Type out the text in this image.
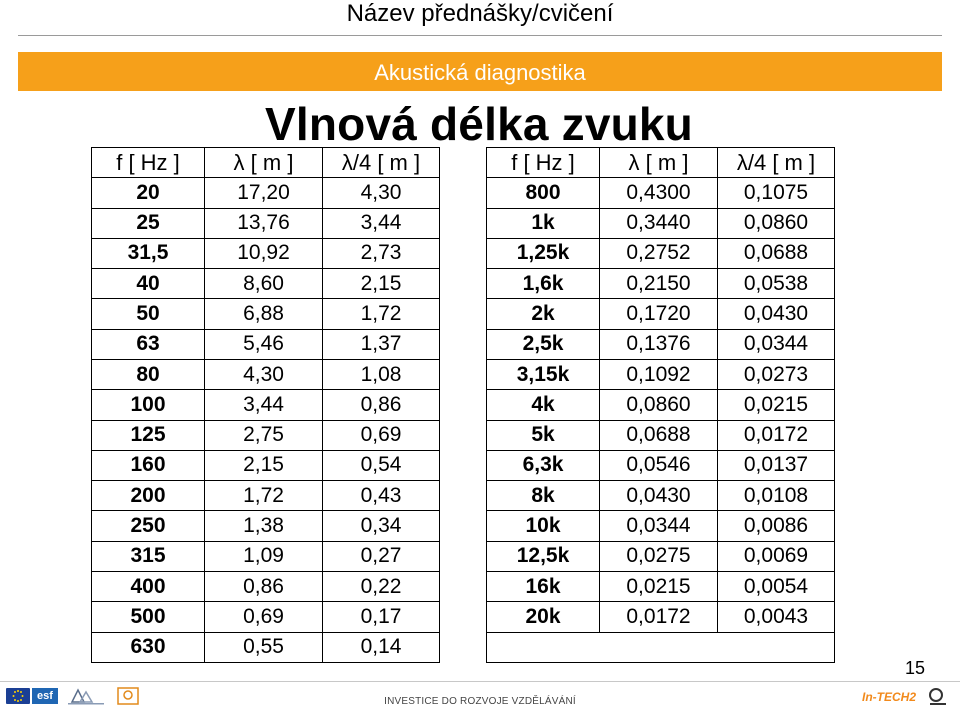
Název přednášky/cvičení
Akustická diagnostika
Vlnová délka zvuku
f [ Hz ]	λ [ m ]	λ/4 [ m ]
20	17,20	4,30
25	13,76	3,44
31,5	10,92	2,73
40	8,60	2,15
50	6,88	1,72
63	5,46	1,37
80	4,30	1,08
100	3,44	0,86
125	2,75	0,69
160	2,15	0,54
200	1,72	0,43
250	1,38	0,34
315	1,09	0,27
400	0,86	0,22
500	0,69	0,17
630	0,55	0,14
f [ Hz ]	λ [ m ]	λ/4 [ m ]
800	0,4300	0,1075
1k	0,3440	0,0860
1,25k	0,2752	0,0688
1,6k	0,2150	0,0538
2k	0,1720	0,0430
2,5k	0,1376	0,0344
3,15k	0,1092	0,0273
4k	0,0860	0,0215
5k	0,0688	0,0172
6,3k	0,0546	0,0137
8k	0,0430	0,0108
10k	0,0344	0,0086
12,5k	0,0275	0,0069
16k	0,0215	0,0054
20k	0,0172	0,0043

15
esf	INVESTICE DO ROZVOJE VZDĚLÁVÁNÍ	In-TECH2
